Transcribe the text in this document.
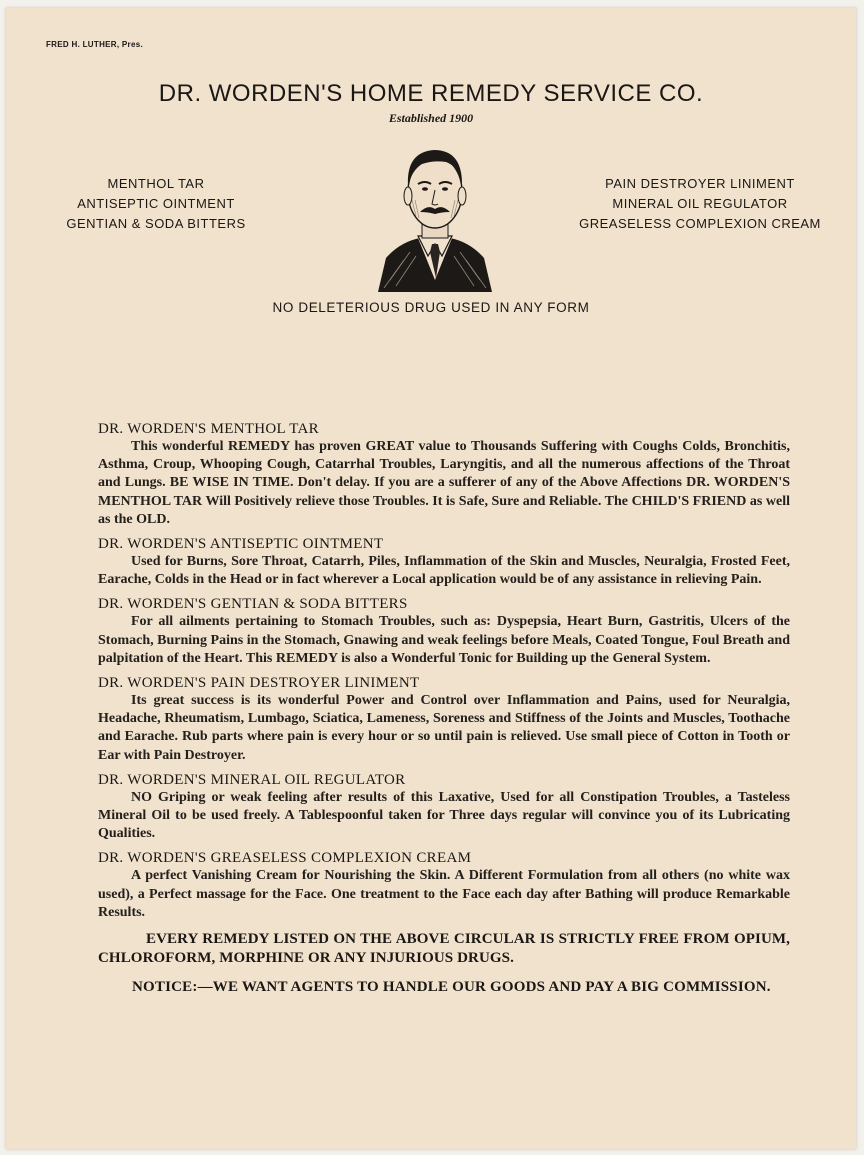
FRED H. LUTHER, Pres.
DR. WORDEN'S HOME REMEDY SERVICE CO.
Established 1900
MENTHOL TAR
ANTISEPTIC OINTMENT
GENTIAN & SODA BITTERS
PAIN DESTROYER LINIMENT
MINERAL OIL REGULATOR
GREASELESS COMPLEXION CREAM
NO DELETERIOUS DRUG USED IN ANY FORM
DR. WORDEN'S MENTHOL TAR

This wonderful REMEDY has proven GREAT value to Thousands Suffering with Coughs Colds, Bronchitis, Asthma, Croup, Whooping Cough, Catarrhal Troubles, Laryngitis, and all the numerous affections of the Throat and Lungs. BE WISE IN TIME. Don't delay. If you are a sufferer of any of the Above Affections DR. WORDEN'S MENTHOL TAR Will Positively relieve those Troubles. It is Safe, Sure and Reliable. The CHILD'S FRIEND as well as the OLD.

DR. WORDEN'S ANTISEPTIC OINTMENT

Used for Burns, Sore Throat, Catarrh, Piles, Inflammation of the Skin and Muscles, Neuralgia, Frosted Feet, Earache, Colds in the Head or in fact wherever a Local application would be of any assistance in relieving Pain.

DR. WORDEN'S GENTIAN & SODA BITTERS

For all ailments pertaining to Stomach Troubles, such as: Dyspepsia, Heart Burn, Gastritis, Ulcers of the Stomach, Burning Pains in the Stomach, Gnawing and weak feelings before Meals, Coated Tongue, Foul Breath and palpitation of the Heart. This REMEDY is also a Wonderful Tonic for Building up the General System.

DR. WORDEN'S PAIN DESTROYER LINIMENT

Its great success is its wonderful Power and Control over Inflammation and Pains, used for Neuralgia, Headache, Rheumatism, Lumbago, Sciatica, Lameness, Soreness and Stiffness of the Joints and Muscles, Toothache and Earache. Rub parts where pain is every hour or so until pain is relieved. Use small piece of Cotton in Tooth or Ear with Pain Destroyer.

DR. WORDEN'S MINERAL OIL REGULATOR

NO Griping or weak feeling after results of this Laxative, Used for all Constipation Troubles, a Tasteless Mineral Oil to be used freely. A Tablespoonful taken for Three days regular will convince you of its Lubricating Qualities.

DR. WORDEN'S GREASELESS COMPLEXION CREAM

A perfect Vanishing Cream for Nourishing the Skin. A Different Formulation from all others (no white wax used), a Perfect massage for the Face. One treatment to the Face each day after Bathing will produce Remarkable Results.

EVERY REMEDY LISTED ON THE ABOVE CIRCULAR IS STRICTLY FREE FROM OPIUM, CHLOROFORM, MORPHINE OR ANY INJURIOUS DRUGS.
NOTICE:—WE WANT AGENTS TO HANDLE OUR GOODS AND PAY A BIG COMMISSION.
